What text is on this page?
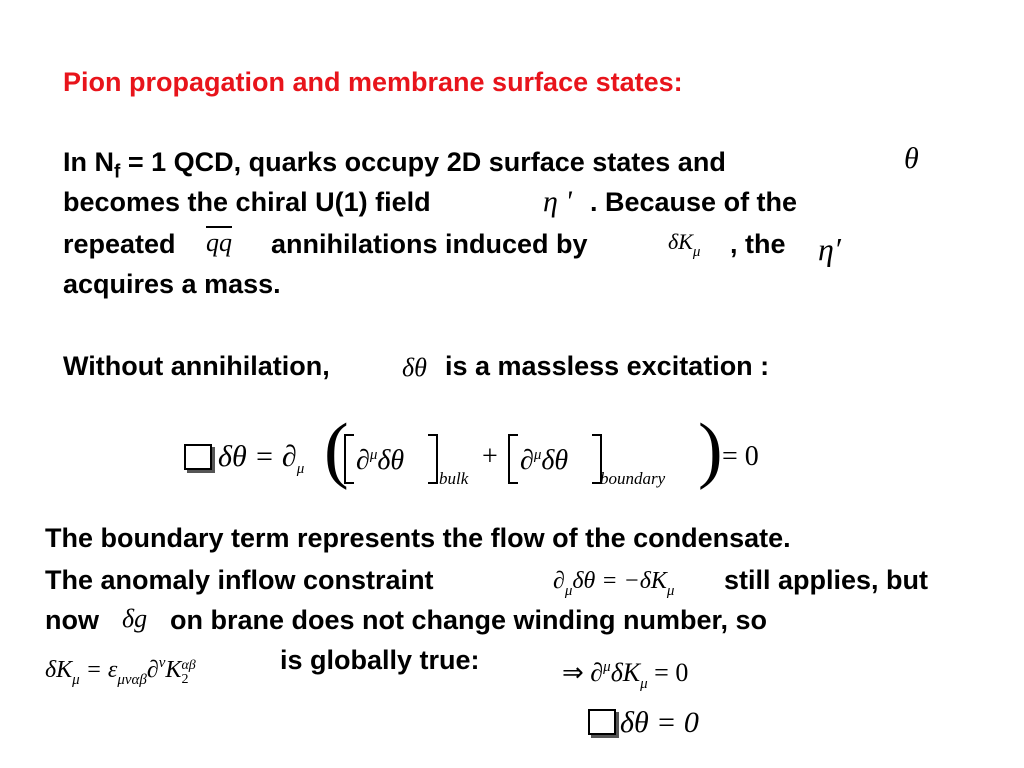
Pion propagation and membrane surface states:
In $N_f = 1$ QCD, quarks occupy 2D surface states and	θ
becomes the chiral U(1) field	η ' . Because of the
repeated $\overline{qq}$ annihilations induced by	$\delta K_\mu$ , the η′
acquires a mass.
Without annihilation,	δθ is a massless excitation :
$\delta\theta = \partial_\mu$ ( ∂$^\mu$δθ
bulk
+ ∂$^\mu$δθ
boundary ) = 0
The boundary term represents the flow of the condensate.
The anomaly inflow constraint	$\partial_\mu\delta\theta = -\delta K_\mu$ still applies, but
now δg on brane does not change winding number, so
$\delta K_\mu = \varepsilon_{\mu\nu\alpha\beta}\partial^\nu K$ αβ
2
is globally true:	⇒ $\partial^\mu\delta K_\mu = 0$
δθ = 0
